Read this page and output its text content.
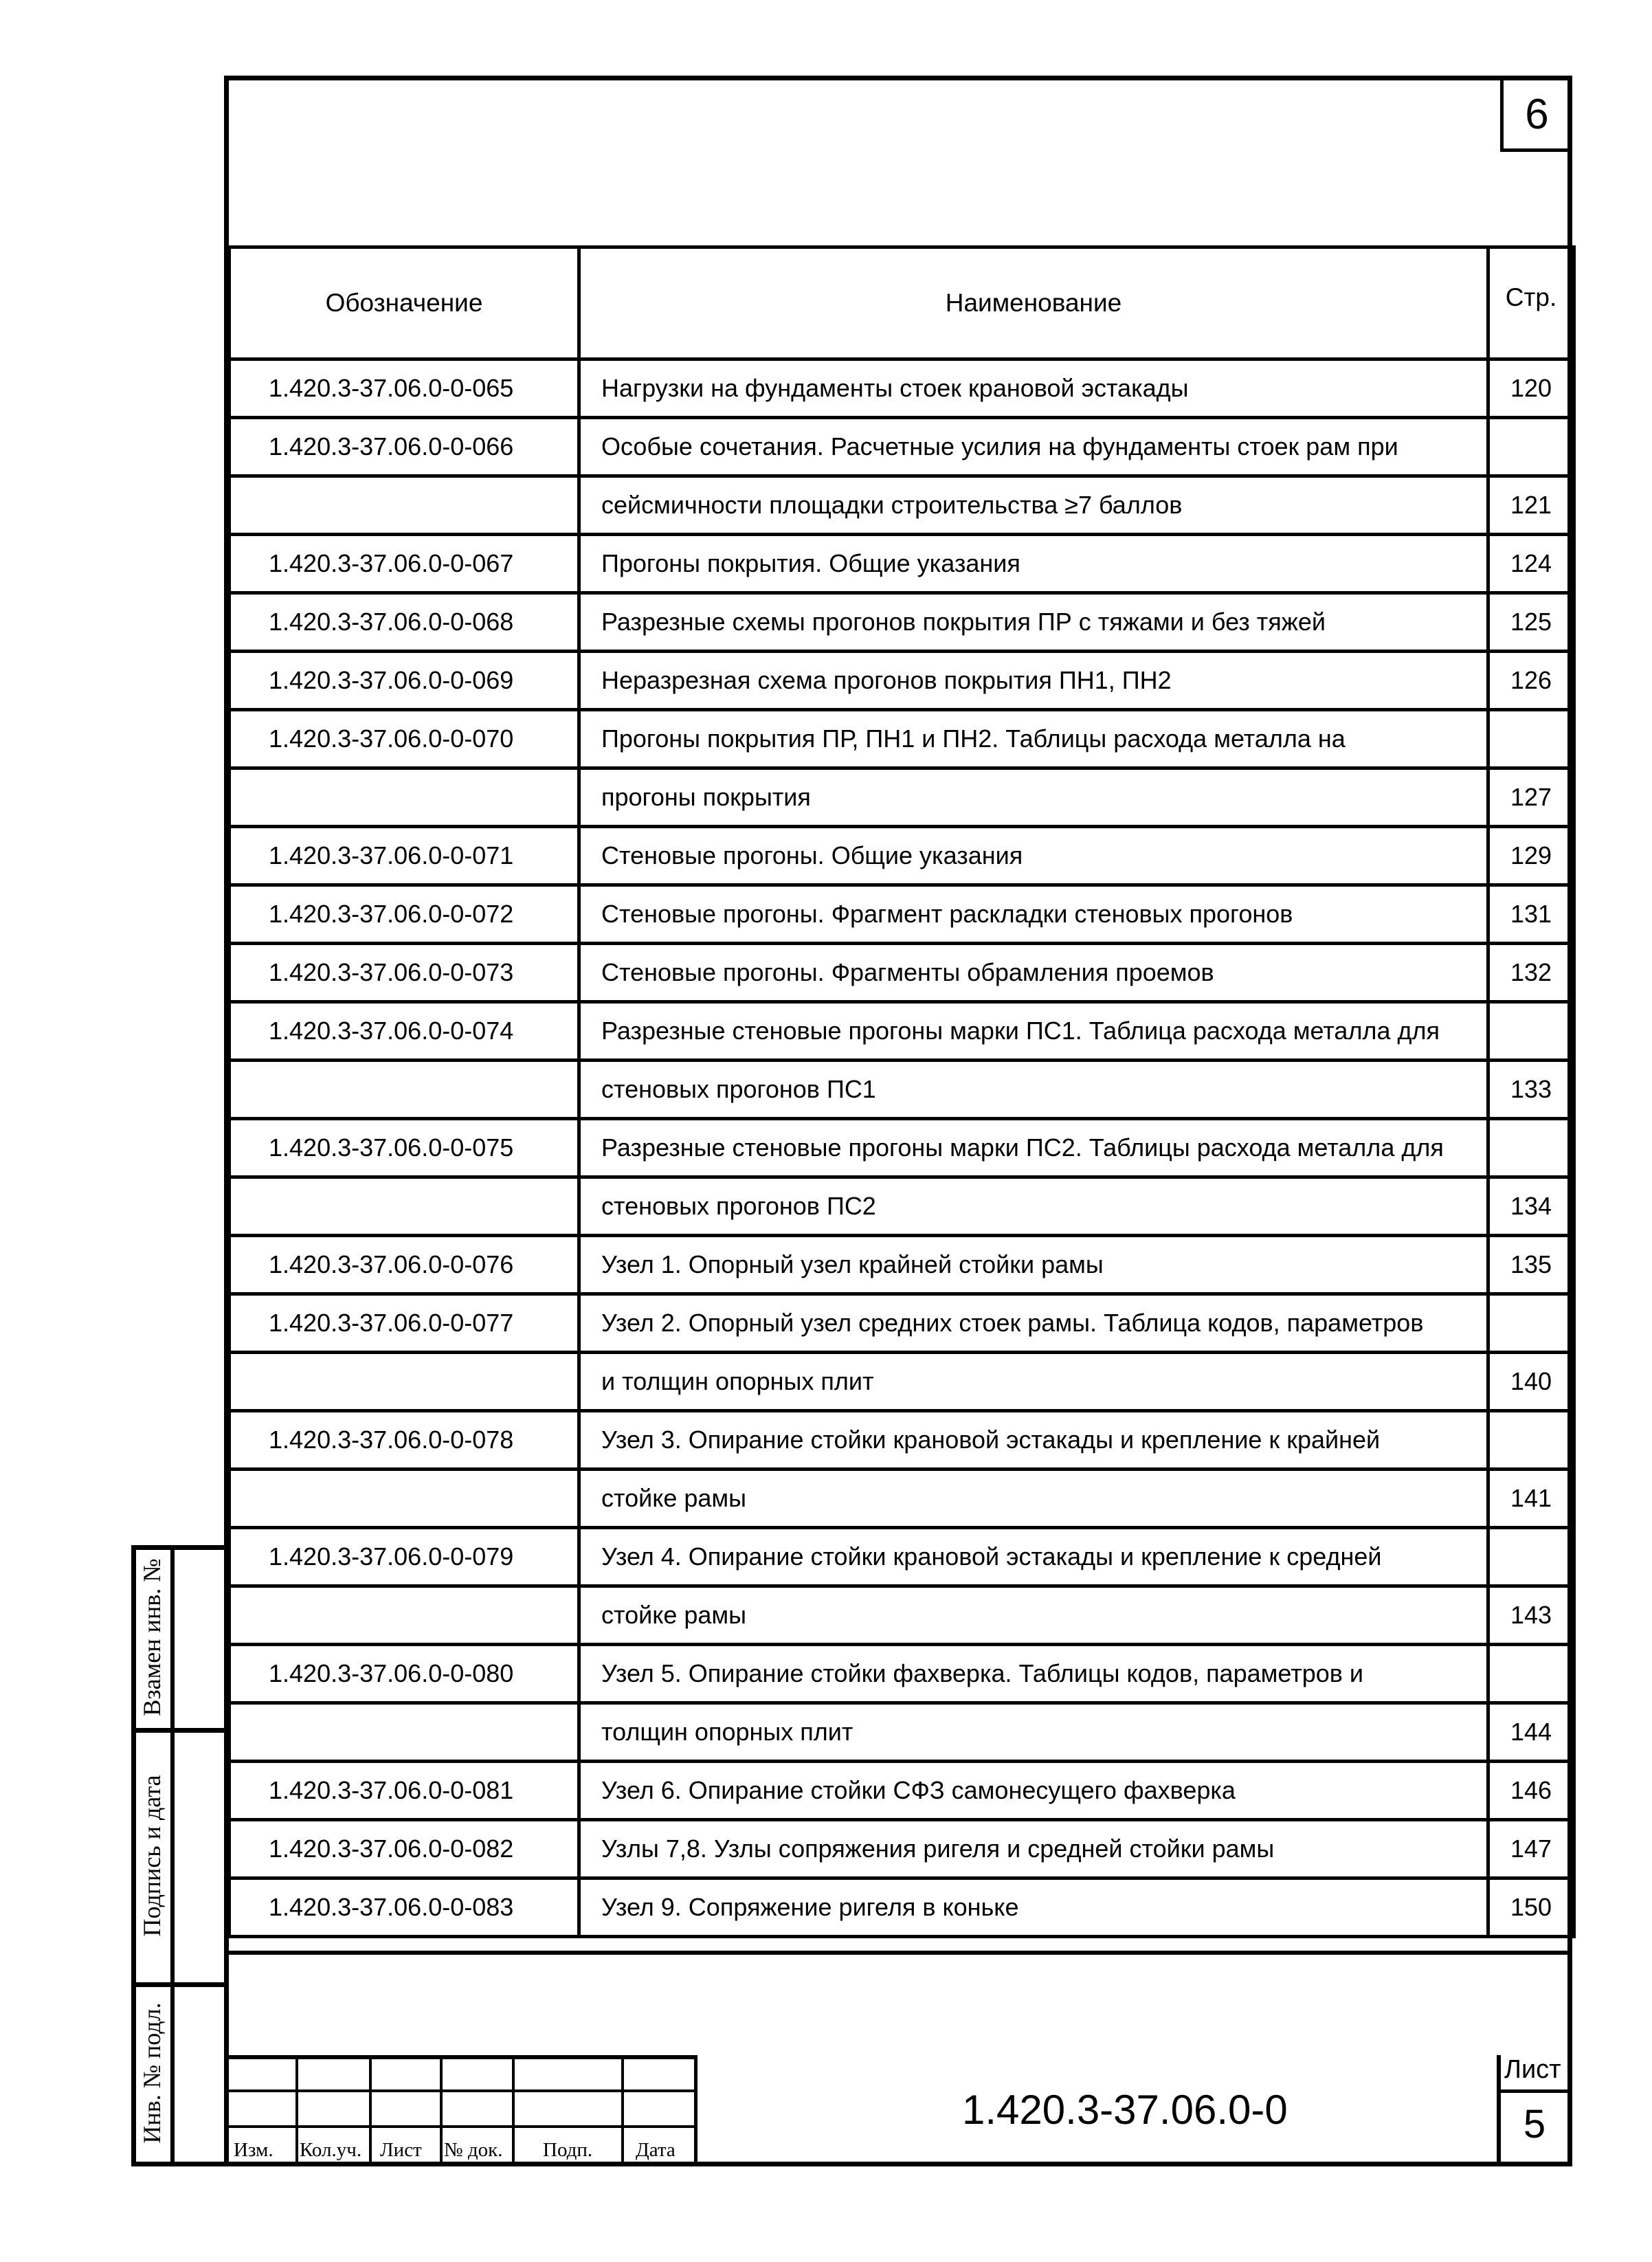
6
Обозначение	Наименование	Стр.
1.420.3-37.06.0-0-065	Нагрузки на фундаменты стоек крановой эстакады	120
1.420.3-37.06.0-0-066	Особые сочетания. Расчетные усилия на фундаменты стоек рам при	
	сейсмичности площадки строительства ≥7 баллов	121
1.420.3-37.06.0-0-067	Прогоны покрытия. Общие указания	124
1.420.3-37.06.0-0-068	Разрезные схемы прогонов покрытия ПР с тяжами и без тяжей	125
1.420.3-37.06.0-0-069	Неразрезная схема прогонов покрытия ПН1, ПН2	126
1.420.3-37.06.0-0-070	Прогоны покрытия ПР, ПН1 и ПН2. Таблицы расхода металла на	
	прогоны покрытия	127
1.420.3-37.06.0-0-071	Стеновые прогоны. Общие указания	129
1.420.3-37.06.0-0-072	Стеновые прогоны. Фрагмент раскладки стеновых прогонов	131
1.420.3-37.06.0-0-073	Стеновые прогоны. Фрагменты обрамления проемов	132
1.420.3-37.06.0-0-074	Разрезные стеновые прогоны марки ПС1. Таблица расхода металла для	
	стеновых прогонов ПС1	133
1.420.3-37.06.0-0-075	Разрезные стеновые прогоны марки ПС2. Таблицы расхода металла для	
	стеновых прогонов ПС2	134
1.420.3-37.06.0-0-076	Узел 1. Опорный узел крайней стойки рамы	135
1.420.3-37.06.0-0-077	Узел 2. Опорный узел средних стоек рамы. Таблица кодов, параметров	
	и толщин опорных плит	140
1.420.3-37.06.0-0-078	Узел 3. Опирание стойки крановой эстакады и крепление к крайней	
	стойке рамы	141
1.420.3-37.06.0-0-079	Узел 4. Опирание стойки крановой эстакады и крепление к средней	
	стойке рамы	143
1.420.3-37.06.0-0-080	Узел 5. Опирание стойки фахверка. Таблицы кодов, параметров и	
	толщин опорных плит	144
1.420.3-37.06.0-0-081	Узел 6. Опирание стойки СФЗ самонесущего фахверка	146
1.420.3-37.06.0-0-082	Узлы 7,8. Узлы сопряжения ригеля и средней стойки рамы	147
1.420.3-37.06.0-0-083	Узел 9. Сопряжение ригеля в коньке	150
Изм. Кол.уч. Лист № док. Подп. Дата
1.420.3-37.06.0-0
Лист
5
Взамен инв. №
Подпись и дата
Инв. № подл.
